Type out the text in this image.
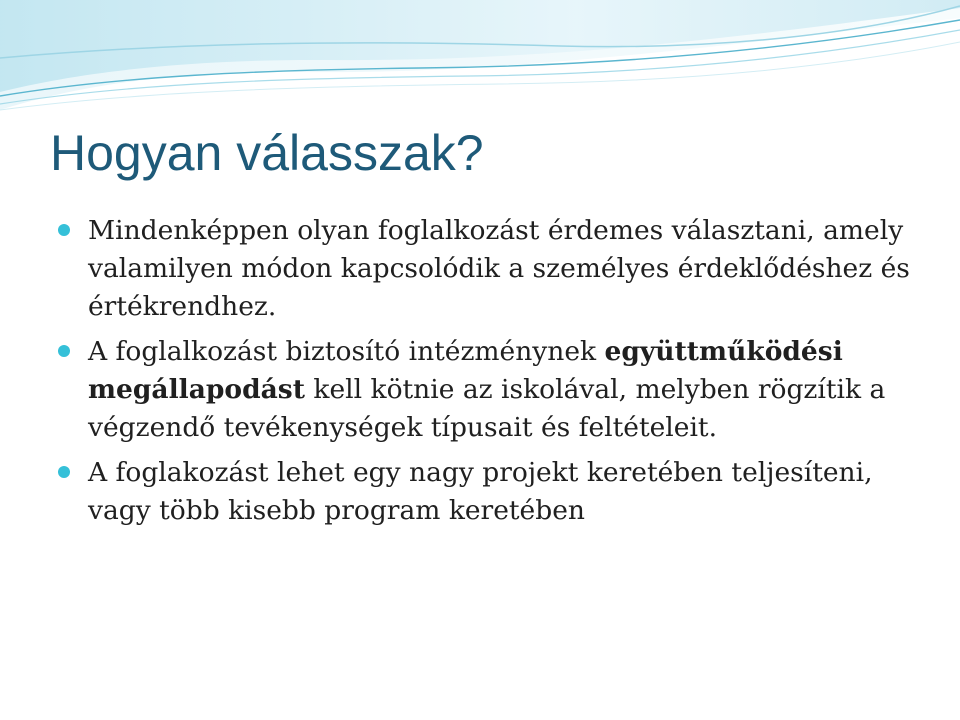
Hogyan válasszak?
Mindenképpen olyan foglalkozást érdemes választani, amely valamilyen módon kapcsolódik a személyes érdeklődéshez és értékrendhez.
A foglalkozást biztosító intézménynek együttműködési megállapodást kell kötnie az iskolával, melyben rögzítik a végzendő tevékenységek típusait és feltételeit.
A foglakozást lehet egy nagy projekt keretében teljesíteni, vagy több kisebb program keretében
